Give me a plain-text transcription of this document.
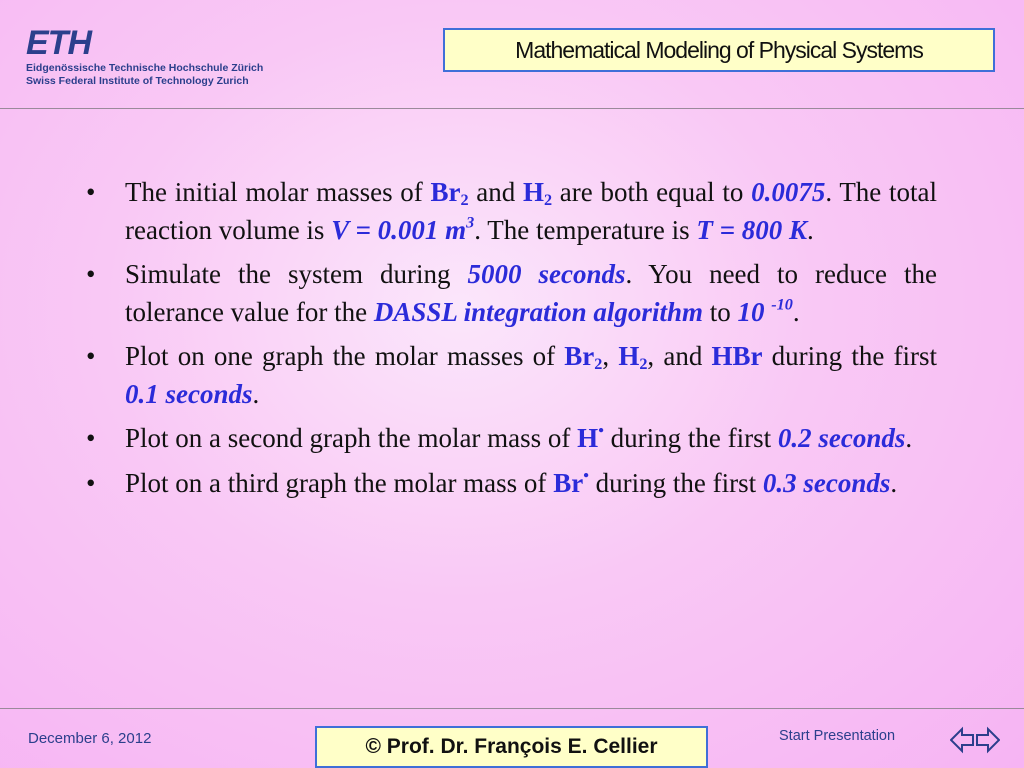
ETH
Eidgenössische Technische Hochschule Zürich
Swiss Federal Institute of Technology Zurich
Mathematical Modeling of Physical Systems
• The initial molar masses of $Br_2$ and $H_2$ are both equal to 0.0075. The total reaction volume is V = 0.001 $m^3$. The temperature is T = 800 K.
• Simulate the system during 5000 seconds. You need to reduce the tolerance value for the DASSL integration algorithm to 10 $^{-10}$.
• Plot on one graph the molar masses of $Br_2$, $H_2$, and HBr during the first 0.1 seconds.
• Plot on a second graph the molar mass of H• during the first 0.2 seconds.
• Plot on a third graph the molar mass of Br• during the first 0.3 seconds.
December 6, 2012	© Prof. Dr. François E. Cellier	Start Presentation
